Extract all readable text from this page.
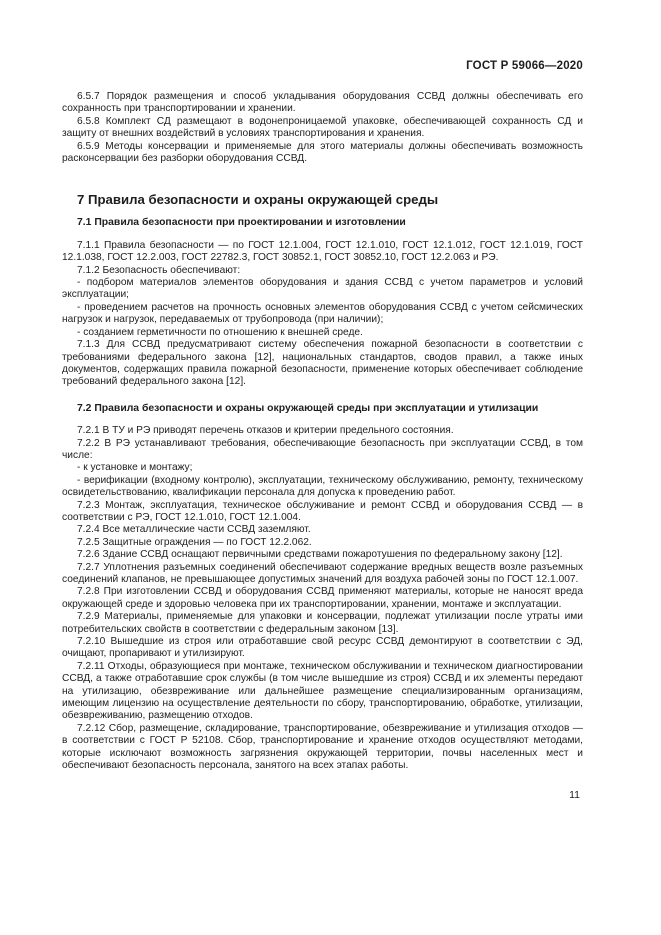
ГОСТ Р 59066—2020

6.5.7 Порядок размещения и способ укладывания оборудования ССВД должны обеспечивать его сохранность при транспортировании и хранении.

6.5.8 Комплект СД размещают в водонепроницаемой упаковке, обеспечивающей сохранность СД и защиту от внешних воздействий в условиях транспортирования и хранения.

6.5.9 Методы консервации и применяемые для этого материалы должны обеспечивать возможность расконсервации без разборки оборудования ССВД.

7 Правила безопасности и охраны окружающей среды
7.1 Правила безопасности при проектировании и изготовлении

7.1.1 Правила безопасности — по ГОСТ 12.1.004, ГОСТ 12.1.010, ГОСТ 12.1.012, ГОСТ 12.1.019, ГОСТ 12.1.038, ГОСТ 12.2.003, ГОСТ 22782.3, ГОСТ 30852.1, ГОСТ 30852.10, ГОСТ 12.2.063 и РЭ.

7.1.2 Безопасность обеспечивают:

- подбором материалов элементов оборудования и здания ССВД с учетом параметров и условий эксплуатации;

- проведением расчетов на прочность основных элементов оборудования ССВД с учетом сейсмических нагрузок и нагрузок, передаваемых от трубопровода (при наличии);

- созданием герметичности по отношению к внешней среде.

7.1.3 Для ССВД предусматривают систему обеспечения пожарной безопасности в соответствии с требованиями федерального закона [12], национальных стандартов, сводов правил, а также иных документов, содержащих правила пожарной безопасности, применение которых обеспечивает соблюдение требований федерального закона [12].

7.2 Правила безопасности и охраны окружающей среды при эксплуатации и утилизации

7.2.1 В ТУ и РЭ приводят перечень отказов и критерии предельного состояния.

7.2.2 В РЭ устанавливают требования, обеспечивающие безопасность при эксплуатации ССВД, в том числе:

- к установке и монтажу;

- верификации (входному контролю), эксплуатации, техническому обслуживанию, ремонту, техническому освидетельствованию, квалификации персонала для допуска к проведению работ.

7.2.3 Монтаж, эксплуатация, техническое обслуживание и ремонт ССВД и оборудования ССВД — в соответствии с РЭ, ГОСТ 12.1.010, ГОСТ 12.1.004.

7.2.4 Все металлические части ССВД заземляют.

7.2.5 Защитные ограждения — по ГОСТ 12.2.062.

7.2.6 Здание ССВД оснащают первичными средствами пожаротушения по федеральному закону [12].

7.2.7 Уплотнения разъемных соединений обеспечивают содержание вредных веществ возле разъемных соединений клапанов, не превышающее допустимых значений для воздуха рабочей зоны по ГОСТ 12.1.007.

7.2.8 При изготовлении ССВД и оборудования ССВД применяют материалы, которые не наносят вреда окружающей среде и здоровью человека при их транспортировании, хранении, монтаже и эксплуатации.

7.2.9 Материалы, применяемые для упаковки и консервации, подлежат утилизации после утраты ими потребительских свойств в соответствии с федеральным законом [13].

7.2.10 Вышедшие из строя или отработавшие свой ресурс ССВД демонтируют в соответствии с ЭД, очищают, пропаривают и утилизируют.

7.2.11 Отходы, образующиеся при монтаже, техническом обслуживании и техническом диагностировании ССВД, а также отработавшие срок службы (в том числе вышедшие из строя) ССВД и их элементы передают на утилизацию, обезвреживание или дальнейшее размещение специализированным организациям, имеющим лицензию на осуществление деятельности по сбору, транспортированию, обработке, утилизации, обезвреживанию, размещению отходов.

7.2.12 Сбор, размещение, складирование, транспортирование, обезвреживание и утилизация отходов — в соответствии с ГОСТ Р 52108. Сбор, транспортирование и хранение отходов осуществляют методами, которые исключают возможность загрязнения окружающей территории, почвы населенных мест и обеспечивают безопасность персонала, занятого на всех этапах работы.

11
